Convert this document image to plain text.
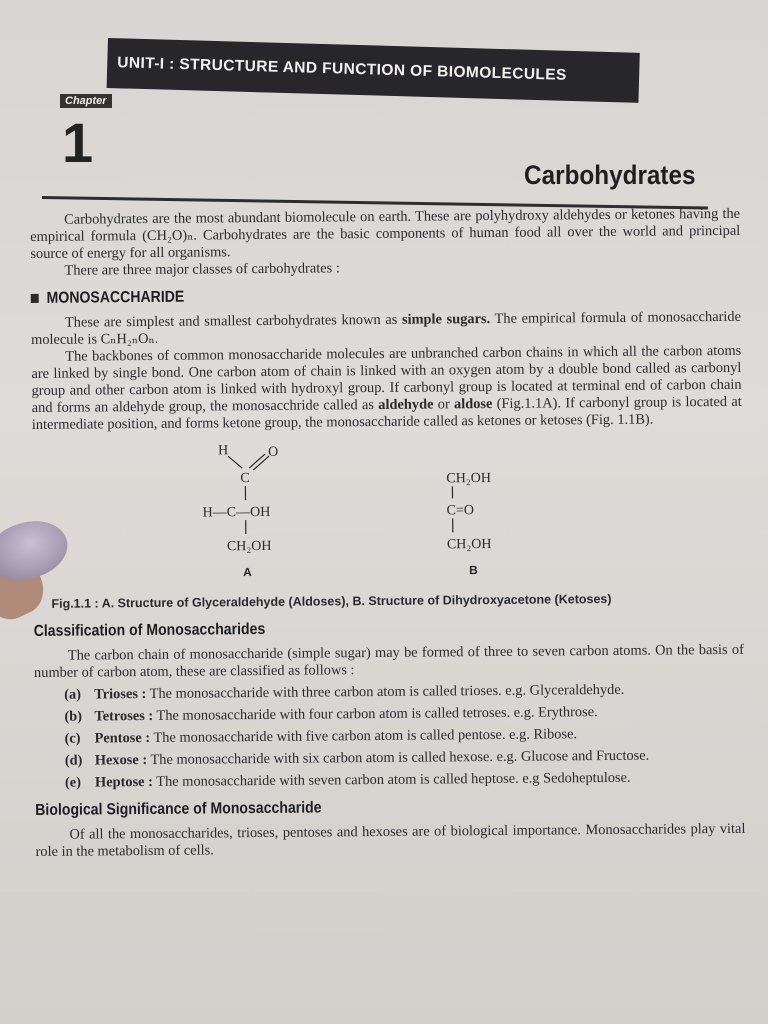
UNIT-I : STRUCTURE AND FUNCTION OF BIOMOLECULES
Chapter
1
Carbohydrates

Carbohydrates are the most abundant biomolecule on earth. These are polyhydroxy aldehydes or ketones having the empirical formula (CH₂O)ₙ. Carbohydrates are the basic components of human food all over the world and principal source of energy for all organisms.

There are three major classes of carbohydrates :

MONOSACCHARIDE

These are simplest and smallest carbohydrates known as simple sugars. The empirical formula of monosaccharide molecule is CₙH₂ₙOₙ.

The backbones of common monosaccharide molecules are unbranched carbon chains in which all the carbon atoms are linked by single bond. One carbon atom of chain is linked with an oxygen atom by a double bond called as carbonyl group and other carbon atom is linked with hydroxyl group. If carbonyl group is located at terminal end of carbon chain and forms an aldehyde group, the monosacchride called as aldehyde or aldose (Fig.1.1A). If carbonyl group is located at intermediate position, and forms ketone group, the monosaccharide called as ketones or ketoses (Fig. 1.1B).

H	O
C
H—C—OH
CH₂OH
A
CH₂OH
C=O
CH₂OH
B
Fig.1.1 : A. Structure of Glyceraldehyde (Aldoses), B. Structure of Dihydroxyacetone (Ketoses)
Classification of Monosaccharides

The carbon chain of monosaccharide (simple sugar) may be formed of three to seven carbon atoms. On the basis of number of carbon atom, these are classified as follows :

(a) Trioses : The monosaccharide with three carbon atom is called trioses. e.g. Glyceraldehyde.
(b) Tetroses : The monosaccharide with four carbon atom is called tetroses. e.g. Erythrose.
(c) Pentose : The monosaccharide with five carbon atom is called pentose. e.g. Ribose.
(d) Hexose : The monosaccharide with six carbon atom is called hexose. e.g. Glucose and Fructose.
(e) Heptose : The monosaccharide with seven carbon atom is called heptose. e.g Sedoheptulose.
Biological Significance of Monosaccharide

Of all the monosaccharides, trioses, pentoses and hexoses are of biological importance. Monosaccharides play vital role in the metabolism of cells.
